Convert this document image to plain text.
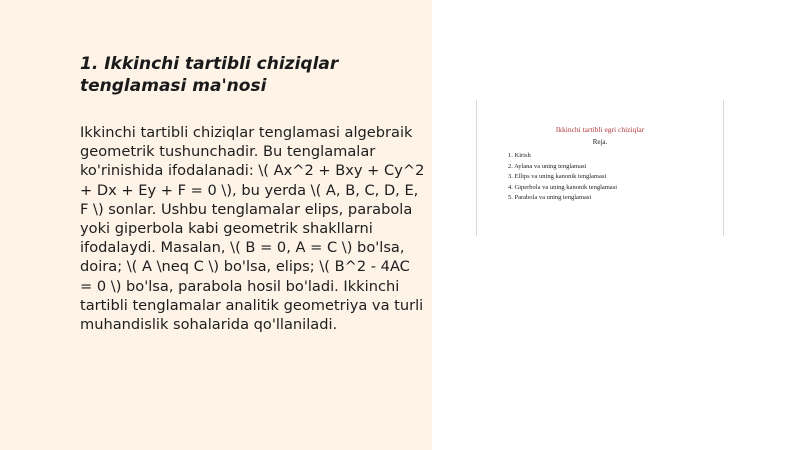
1. Ikkinchi tartibli chiziqlar tenglamasi ma'nosi

Ikkinchi tartibli chiziqlar tenglamasi algebraik geometrik tushunchadir. Bu tenglamalar ko'rinishida ifodalanadi: \( Ax^2 + Bxy + Cy^2 + Dx + Ey + F = 0 \), bu yerda \( A, B, C, D, E, F \) sonlar. Ushbu tenglamalar elips, parabola yoki giperbola kabi geometrik shakllarni ifodalaydi. Masalan, \( B = 0, A = C \) bo'lsa, doira; \( A \neq C \) bo'lsa, elips; \( B^2 - 4AC = 0 \) bo'lsa, parabola hosil bo'ladi. Ikkinchi tartibli tenglamalar analitik geometriya va turli muhandislik sohalarida qo'llaniladi.

Ikkinchi tartibli egri chiziqlar
Reja.
1. Kirish
2. Aylana va uning tenglamasi
3. Ellips va uning kanonik tenglamasi
4. Giperbola va uning kanonik tenglamasi
5. Parabola va uning tenglamasi
